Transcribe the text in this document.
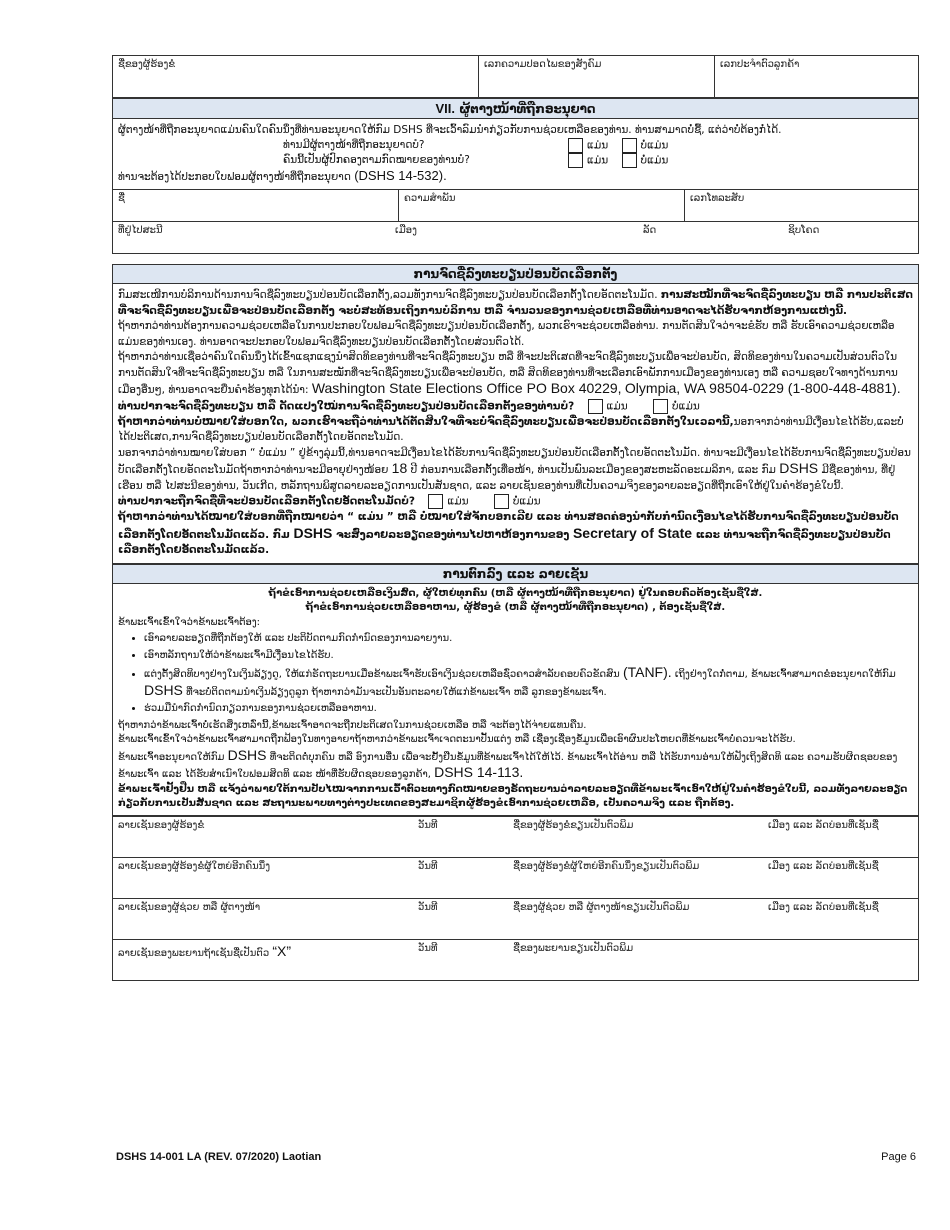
ຊື່ຂອງຜູ້ຮ້ອງຂໍ	ເລກຄວາມປອດໄພຂອງສັງຄົມ	ເລກປະຈຳຕົວລູກຄ້າ
VII. ຜູ້ຕາງໜ້າທີ່ຖືກອະນຸຍາດ

ຜູ້ຕາງໜ້າທີ່ຖືກອະນຸຍາດແມ່ນຄົນໃດຄົນນຶ່ງທີ່ທ່ານອະນຸຍາດໃຫ້ກົມ DSHS ທີ່ຈະເວົ້າລົມນຳກ່ຽວກັບການຊ່ວຍເຫລືອຂອງທ່ານ. ທ່ານສາມາດບໍ່ຊື້, ແຕ່ວ່າບໍ່ຕ້ອງກໍ່ໄດ້.

ທ່ານມີຜູ້ຕາງໜ້າທີ່ຖືກອະນຸຍາດບໍ?	ແມ່ນ	ບໍ່ແມ່ນ

ຄົນນີ້ເປັນຜູ້ປົກຄອງຕາມກົດໝາຍຂອງທ່ານບໍ?	ແມ່ນ	ບໍ່ແມ່ນ

ທ່ານຈະຕ້ອງໄດ້ປະກອບໃບຟອມຜູ້ຕາງໜ້າທີ່ຖືກອະນຸຍາດ (DSHS 14-532).

ຊື່	ຄວາມສຳພັນ	ເລກໂທລະສັບ
ທີ່ຢູ່ໄປສະນີ	ເມືອງ	ລັດ	ຊິບໂຄດ
ການຈົດຊື່ລົງທະບຽນປ່ອນບັດເລືອກຕັ້ງ

ກົມສະເໜີການບໍລິການດ້ານການຈົດຊື່ລົງທະບຽນປ່ອນບັດເລືອກຕັ້ງ,ລວມທັງການຈົດຊື່ລົງທະບຽນປ່ອນບັດເລືອກຕັ້ງໂດຍອັດຕະໂນມັດ. ການສະໝັກທີ່ຈະຈົດຊື່ລົງທະບຽນ ຫລື ການປະຕິເສດທີ່ຈະຈົດຊື່ລົງທະບຽນເພື່ອຈະປ່ອນບັດເລືອກຕັ້ງ ຈະບໍ່ສະທ້ອນເຖິງການບໍລິການ ຫລື ຈຳນວນຂອງການຊ່ວຍເຫລືອທີ່ທ່ານອາດຈະໄດ້ຮັບຈາກຫ້ອງການແຫ່ງນີ້.

ຖ້າຫາກວ່າທ່ານຕ້ອງການຄວາມຊ່ວຍເຫລືອໃນການປະກອບໃບຟອມຈົດຊື່ລົງທະບຽນປ່ອນບັດເລືອກຕັ້ງ, ພວກເຮົາຈະຊ່ວຍເຫລືອທ່ານ. ການຕັດສິນໃຈວ່າຈະຂໍຮັບ ຫລື ຮັບເອົາຄວາມຊ່ວຍເຫລືອແມ່ນຂອງທ່ານເອງ. ທ່ານອາດຈະປະກອບໃບຟອມຈົດຊື່ລົງທະບຽນປ່ອນບັດເລືອກຕັ້ງໂດຍສ່ວນຕົວໄດ້.

ຖ້າຫາກວ່າທ່ານເຊື່ອວ່າຄົນໃດຄົນນຶ່ງໄດ້ເຂົ້າແຊກແຊງນຳສິດທິຂອງທ່ານທີ່ຈະຈົດຊື່ລົງທະບຽນ ຫລື ທີ່ຈະປະຕິເສດທີ່ຈະຈົດຊື່ລົງທະບຽນເພື່ອຈະປ່ອນບັດ, ສິດທິຂອງທ່ານໃນຄວາມເປັນສ່ວນຕົວໃນການຕັດສິນໃຈທີ່ຈະຈົດຊື່ລົງທະບຽນ ຫລື ໃນການສະໝັກທີ່ຈະຈົດຊື່ລົງທະບຽນເພື່ອຈະປ່ອນບັດ, ຫລື ສິດທິຂອງທ່ານທີ່ຈະເລືອກເອົາພັກການເມືອງຂອງທ່ານເອງ ຫລື ຄວາມຊອບໃຈທາງດ້ານການເມືອງອື່ນໆ, ທ່ານອາດຈະຍື່ນຄຳຮ້ອງທຸກໄດ້ນຳ: Washington State Elections Office PO Box 40229, Olympia, WA 98504-0229 (1-800-448-4881).

ທ່ານປາກຈະຈົດຊື່ລົງທະບຽນ ຫລື ດັດແປງໃໝ່ການຈົດຊື່ລົງທະບຽນປ່ອນບັດເລືອກຕັ້ງຂອງທ່ານບໍ?	ແມ່ນ	ບໍ່ແມ່ນ

ຖ້າຫາກວ່າທ່ານບໍ່ໝາຍໃສ່ບອກໃດ, ພວກເຮົາຈະຖືວ່າທ່ານໄດ້ຕັດສິນໃຈທີ່ຈະບໍ່ຈົດຊື່ລົງທະບຽນເພື່ອຈະປ່ອນບັດເລືອກຕັ້ງໃນເວລານີ້,ນອກຈາກວ່າທ່ານມີເງື່ອນໄຂໄດ້ຮັບ,ແລະບໍ່ໄດ້ປະຕິເສດ,ການຈົດຊື່ລົງທະບຽນປ່ອນບັດເລືອກຕັ້ງໂດຍອັດຕະໂນມັດ.

ນອກຈາກວ່າທ່ານໝາຍໃສ່ບອກ “ ບໍ່ແມ່ນ ” ຢູ່ຂ້າງລຸ່ມນີ້,ທ່ານອາດຈະມີເງື່ອນໄຂໄດ້ຮັບການຈົດຊື່ລົງທະບຽນປ່ອນບັດເລືອກຕັ້ງໂດຍອັດຕະໂນມັດ. ທ່ານຈະມີເງື່ອນໄຂໄດ້ຮັບການຈົດຊື່ລົງທະບຽນປ່ອນບັດເລືອກຕັ້ງໂດຍອັດຕະໂນມັດຖ້າຫາກວ່າທ່ານຈະມີອາຍຸຢ່າງໜ້ອຍ 18 ປີ ກ່ອນການເລືອກຕັ້ງເທື່ອໜ້າ, ທ່ານເປັນພົນລະເມືອງຂອງສະຫະລັດອະເມລິກາ, ແລະ ກົມ DSHS ມີຊື່ຂອງທ່ານ, ທີ່ຢູ່ເຮືອນ ຫລື ໄປສະນີຂອງທ່ານ, ວັນເກີດ, ຫລັກຖານພິສູດລາຍລະອຽດການເປັນສັນຊາດ, ແລະ ລາຍເຊັນຂອງທ່ານທີ່ເປັນຄວາມຈິງຂອງລາຍລະອຽດທີ່ຖືກເອົາໃຫ້ຢູ່ໃນຄຳຮ້ອງຂໍໃບນີ້.

ທ່ານປາກຈະຖືກຈົດຊື່ທີ່ຈະປ່ອນບັດເລືອກຕັ້ງໂດຍອັດຕະໂນມັດບໍ?	ແມ່ນ	ບໍ່ແມ່ນ

ຖ້າຫາກວ່າທ່ານໄດ້ໝາຍໃສ່ບອກທີ່ຖືກໝາຍວ່າ “ ແມ່ນ ” ຫລື ບໍ່ໝາຍໃສ່ຈັກບອກເລີຍ ແລະ ທ່ານສອດຄ່ອງນຳກັບກຳນົດເງື່ອນໄຂໄດ້ຮັບການຈົດຊື່ລົງທະບຽນປ່ອນບັດເລືອກຕັ້ງໂດຍອັດຕະໂນມັດແລ້ວ. ກົມ DSHS ຈະສົ່ງລາຍລະອຽດຂອງທ່ານໄປຫາຫ້ອງການຂອງ Secretary of State ແລະ ທ່ານຈະຖືກຈົດຊື່ລົງທະບຽນປ່ອນບັດເລືອກຕັ້ງໂດຍອັດຕະໂນມັດແລ້ວ.

ການຕົກລົງ ແລະ ລາຍເຊັນ

ຖ້າຂໍເອົາການຊ່ວຍເຫລືອເງິນສົດ, ຜູ້ໃຫຍ່ທຸກຄົນ (ຫລື ຜູ້ຕາງໜ້າທີ່ຖືກອະນຸຍາດ) ຢູ່ໃນຄອບຄົວຕ້ອງເຊັນຊື່ໃສ່.

ຖ້າຂໍເອົາການຊ່ວຍເຫລືອອາຫານ, ຜູ້ຮ້ອງຂໍ (ຫລື ຜູ້ຕາງໜ້າທີ່ຖືກອະນຸຍາດ) , ຕ້ອງເຊັນຊື່ໃສ່.

ຂ້າພະເຈົ້າເຂົ້າໃຈວ່າຂ້າພະເຈົ້າຕ້ອງ:

• ເອົາລາຍລະອຽດທີ່ຖືກຕ້ອງໃຫ້ ແລະ ປະຕິບັດຕາມກົດກຳນົດຂອງການລາຍງານ.
• ເອົາຫລັກຖານໃຫ້ວ່າຂ້າພະເຈົ້າມີເງື່ອນໄຂໄດ້ຮັບ.
• ແຕ່ງຕັ້ງສິດທິບາງຢ່າງໃນເງິນລ້ຽງດູ, ໃຫ້ແກ່ຣັດຖະບານເມື່ອຂ້າພະເຈົ້າຮັບເອົາເງິນຊ່ວຍເຫລືອຊົ່ວຄາວສຳລັບຄອບຄົວຂັດສົນ (TANF). ເຖິງຢ່າງໃດກໍ່ຕາມ, ຂ້າພະເຈົ້າສາມາດຂໍອະນຸຍາດໃຫ້ກົມ DSHS ທີ່ຈະບໍ່ຕິດຕາມນຳເງິນລ້ຽງດູລູກ ຖ້າຫາກວ່າມັນຈະເປັນອັນຕະລາຍໃຫ້ແກ່ຂ້າພະເຈົ້າ ຫລື ລູກຂອງຂ້າພະເຈົ້າ.
• ຮ່ວມມືນຳກົດກຳນົດກຽວການຂອງການຊ່ວຍເຫລືອອາຫານ.

ຖ້າຫາກວ່າຂ້າພະເຈົ້າບໍ່ເຮັດສິ່ງເຫລົ່ານີ້,ຂ້າພະເຈົ້າອາດຈະຖືກປະຕິເສດໃນການຊ່ວຍເຫລືອ ຫລື ຈະຕ້ອງໄດ້ຈ່າຍແທນຄືນ.

ຂ້າພະເຈົ້າເຂົ້າໃຈວ່າຂ້າພະເຈົ້າສາມາດຖືກຟ້ອງໃນທາງອາຍາຖ້າຫາກວ່າຂ້າພະເຈົ້າເຈດຕະນາປັ້ນແຕ່ງ ຫລື ເຊື່ອງເຊື່ອງຂໍ້ມູນເພື່ອເອົາຜົນປະໂຫຍດທີ່ຂ້າພະເຈົ້າບໍ່ຄວນຈະໄດ້ຮັບ.

ຂ້າພະເຈົ້າອະນຸຍາດໃຫ້ກົມ DSHS ທີ່ຈະຕິດຕໍ່ບຸກຄົນ ຫລື ອົງການອື່ນ ເພື່ອຈະຢັ້ງຢືນຂໍ້ມູນທີ່ຂ້າພະເຈົ້າໄດ້ໃຫ້ໄວ້. ຂ້າພະເຈົ້າໄດ້ອ່ານ ຫລື ໄດ້ຮັບການອ່ານໃຫ້ຟັງເຖິງສິດທິ ແລະ ຄວາມຮັບຜິດຊອບຂອງຂ້າພະເຈົ້າ ແລະ ໄດ້ຮັບສຳເນົາໃບຟອມສິດທິ ແລະ ໜ້າທີ່ຮັບຜິດຊອບຂອງລູກຄ້າ, DSHS 14-113.

ຂ້າພະເຈົ້າຢັ້ງຢືນ ຫລື ແຈ້ງວ່າພາຍໃຕ້ການປັບໄໝຈາກການເວົ້າຕົວະທາງກົດໝາຍຂອງຣັດຖະບານວ່າລາຍລະອຽດທີ່ຂ້າພະເຈົ້າເອົາໃຫ້ຢູ່ໃນຄຳຮ້ອງຂໍໃບນີ້, ລວມທັງລາຍລະອຽດກ່ຽວກັບການເປັນສັນຊາດ ແລະ ສະຖານະພາບທາງຕ່າງປະເທດຂອງສະມາຊິກຜູ້ຮ້ອງຂໍເອົາການຊ່ວຍເຫລືອ, ເປັນຄວາມຈິງ ແລະ ຖືກຕ້ອງ.

ລາຍເຊັນຂອງຜູ້ຮ້ອງຂໍ	ວັນທີ	ຊື່ຂອງຜູ້ຮ້ອງຂໍຂຽນເປັນຕົວພິມ	ເມືອງ ແລະ ລັດບ່ອນທີ່ເຊັນຊື່
ລາຍເຊັນຂອງຜູ້ຮ້ອງຂໍຜູ້ໃຫຍ່ອີກຄົນນຶ່ງ	ວັນທີ	ຊື່ຂອງຜູ້ຮ້ອງຂໍຜູ້ໃຫຍ່ອີກຄົນນຶ່ງຂຽນເປັນຕົວພິມ	ເມືອງ ແລະ ລັດບ່ອນທີ່ເຊັນຊື່
ລາຍເຊັນຂອງຜູ້ຊ່ວຍ ຫລື ຜູ້ຕາງໜ້າ	ວັນທີ	ຊື່ຂອງຜູ້ຊ່ວຍ ຫລື ຜູ້ຕາງໜ້າຂຽນເປັນຕົວພິມ	ເມືອງ ແລະ ລັດບ່ອນທີ່ເຊັນຊື່
ລາຍເຊັນຂອງພະຍານຖ້າເຊັນຊື່ເປັນຕົວ “X”	ວັນທີ	ຊື່ຂອງພະຍານຂຽນເປັນຕົວພິມ	
DSHS 14-001 LA (REV. 07/2020) Laotian	Page 6
